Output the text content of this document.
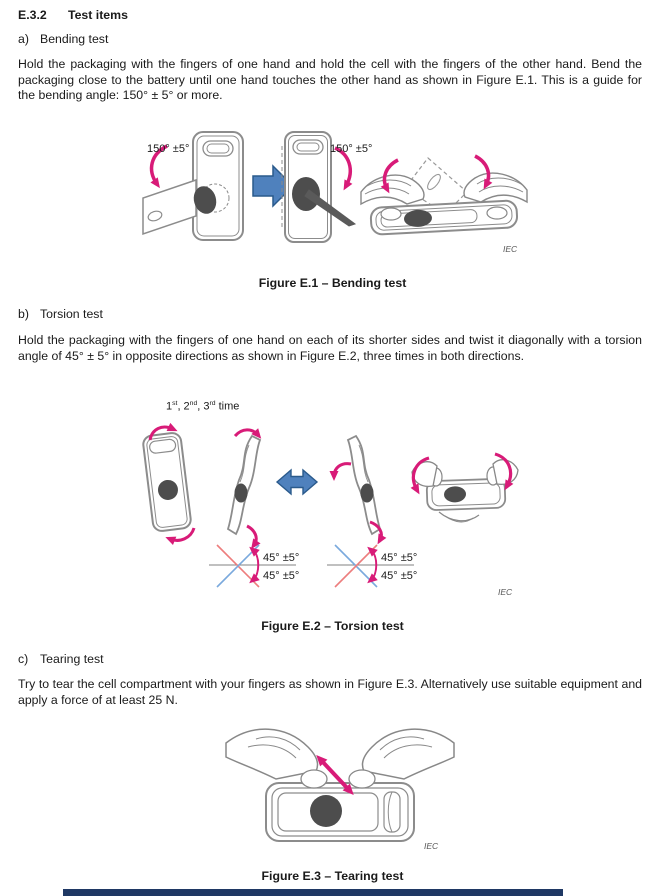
E.3.2	Test items
a) Bending test
Hold the packaging with the fingers of one hand and hold the cell with the fingers of the other hand. Bend the packaging close to the battery until one hand touches the other hand as shown in Figure E.1. This is a guide for the bending angle: 150° ± 5° or more.
150° ±5°	150° ±5°
IEC
Figure E.1 – Bending test
b) Torsion test
Hold the packaging with the fingers of one hand on each of its shorter sides and twist it diagonally with a torsion angle of 45° ± 5° in opposite directions as shown in Figure E.2, three times in both directions.
1st, 2nd, 3rd time
45° ±5°
45° ±5°
45° ±5°
45° ±5°
IEC
Figure E.2 – Torsion test
c) Tearing test
Try to tear the cell compartment with your fingers as shown in Figure E.3. Alternatively use suitable equipment and apply a force of at least 25 N.
IEC
Figure E.3 – Tearing test
